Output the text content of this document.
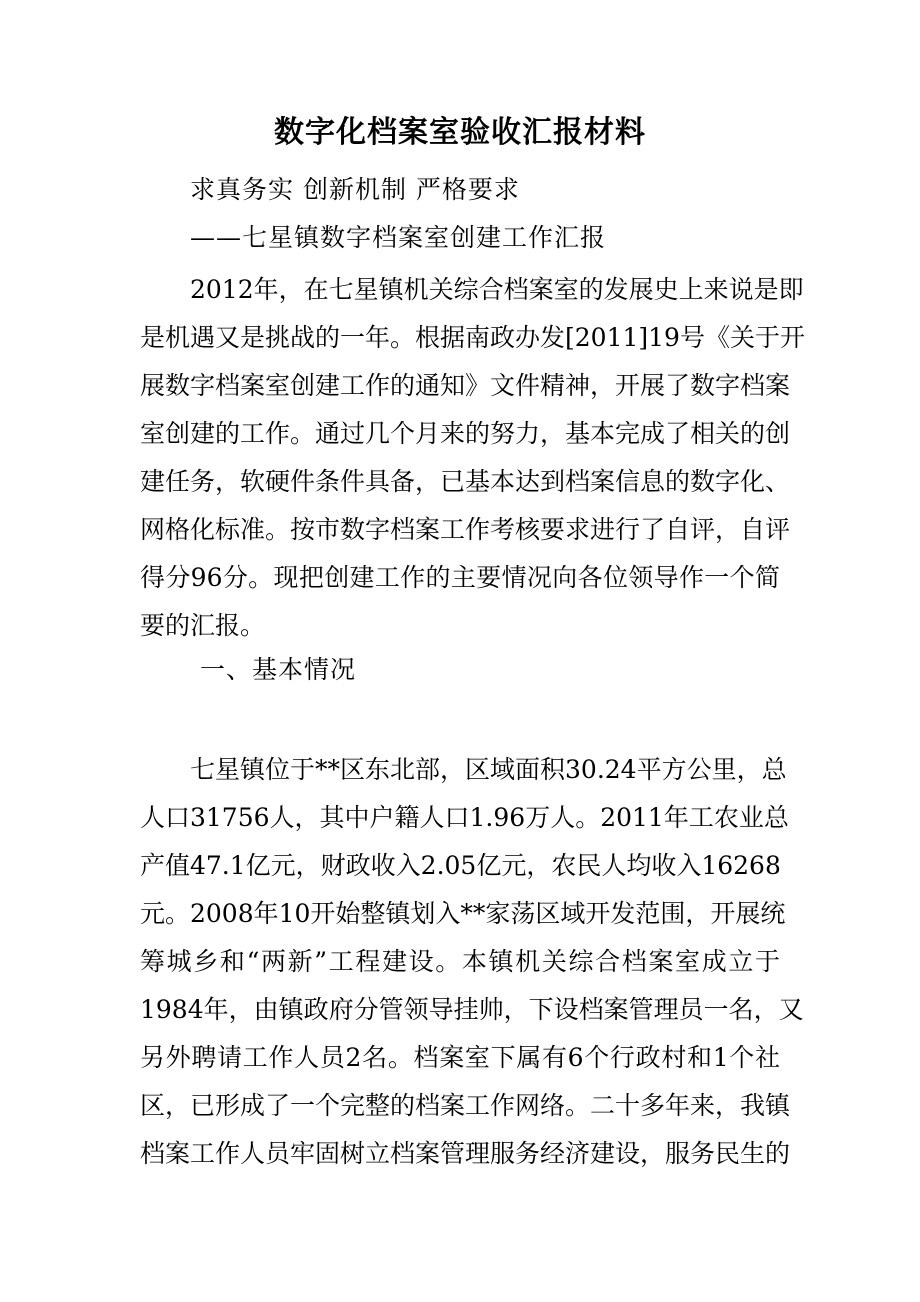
数字化档案室验收汇报材料
求真务实 创新机制 严格要求
——七星镇数字档案室创建工作汇报
2012年，在七星镇机关综合档案室的发展史上来说是即
是机遇又是挑战的一年。根据南政办发[2011]19号《关于开
展数字档案室创建工作的通知》文件精神，开展了数字档案
室创建的工作。通过几个月来的努力，基本完成了相关的创
建任务，软硬件条件具备，已基本达到档案信息的数字化、
网格化标准。按市数字档案工作考核要求进行了自评，自评
得分96分。现把创建工作的主要情况向各位领导作一个简
要的汇报。
一、基本情况
七星镇位于**区东北部，区域面积30.24平方公里，总
人口31756人，其中户籍人口1.96万人。2011年工农业总
产值47.1亿元，财政收入2.05亿元，农民人均收入16268
元。2008年10开始整镇划入**家荡区域开发范围，开展统
筹城乡和“两新”工程建设。本镇机关综合档案室成立于
1984年，由镇政府分管领导挂帅，下设档案管理员一名，又
另外聘请工作人员2名。档案室下属有6个行政村和1个社
区，已形成了一个完整的档案工作网络。二十多年来，我镇
档案工作人员牢固树立档案管理服务经济建设，服务民生的
